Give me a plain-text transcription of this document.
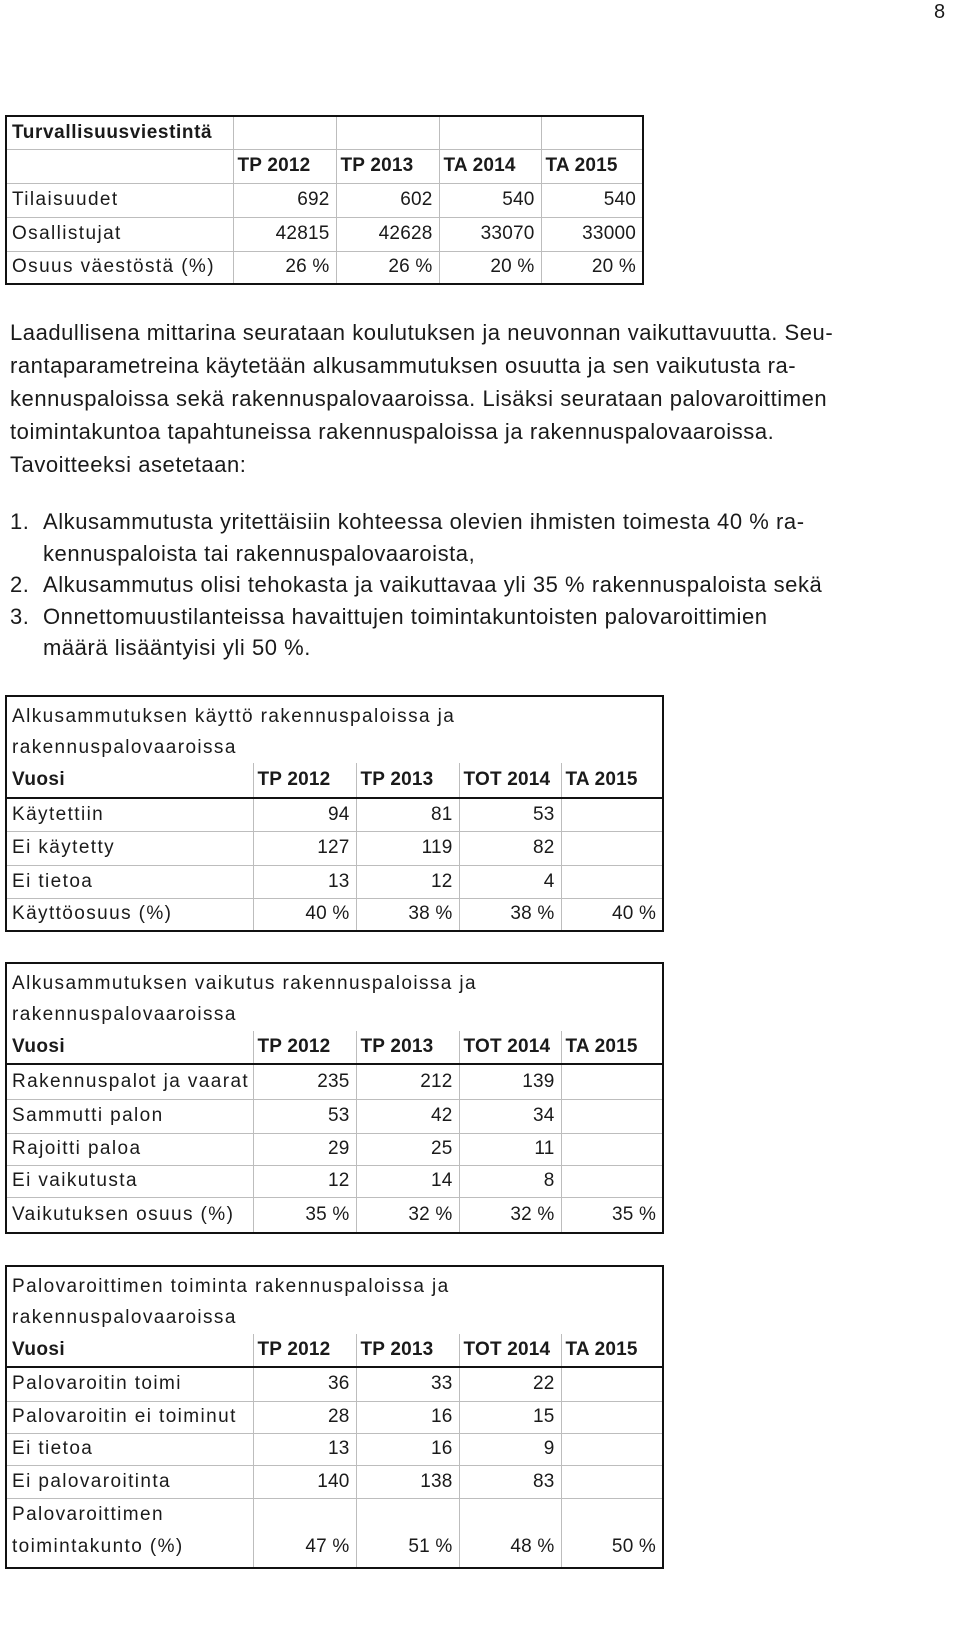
8
Turvallisuusviestintä				
	TP 2012	TP 2013	TA 2014	TA 2015
Tilaisuudet	692	602	540	540
Osallistujat	42815	42628	33070	33000
Osuus väestöstä (%)	26 %	26 %	20 %	20 %
Laadullisena mittarina seurataan koulutuksen ja neuvonnan vaikuttavuutta. Seu-
rantaparametreina käytetään alkusammutuksen osuutta ja sen vaikutusta ra-
kennuspaloissa sekä rakennuspalovaaroissa. Lisäksi seurataan palovaroittimen
toimintakuntoa tapahtuneissa rakennuspaloissa ja rakennuspalovaaroissa.
Tavoitteeksi asetetaan:
1. Alkusammutusta yritettäisiin kohteessa olevien ihmisten toimesta 40 % ra-
kennuspaloista tai rakennuspalovaaroista,
2. Alkusammutus olisi tehokasta ja vaikuttavaa yli 35 % rakennuspaloista sekä
3. Onnettomuustilanteissa havaittujen toimintakuntoisten palovaroittimien
määrä lisääntyisi yli 50 %.
Alkusammutuksen käyttö rakennuspaloissa ja
rakennuspalovaaroissa				

Vuosi	TP 2012	TP 2013	TOT 2014	TA 2015
Käytettiin	94	81	53	
Ei käytetty	127	119	82	
Ei tietoa	13	12	4	
Käyttöosuus (%)	40 %	38 %	38 %	40 %
Alkusammutuksen vaikutus rakennuspaloissa ja
rakennuspalovaaroissa				

Vuosi	TP 2012	TP 2013	TOT 2014	TA 2015
Rakennuspalot ja vaarat	235	212	139	
Sammutti palon	53	42	34	
Rajoitti paloa	29	25	11	
Ei vaikutusta	12	14	8	
Vaikutuksen osuus (%)	35 %	32 %	32 %	35 %
Palovaroittimen toiminta rakennuspaloissa ja
rakennuspalovaaroissa				

Vuosi	TP 2012	TP 2013	TOT 2014	TA 2015
Palovaroitin toimi	36	33	22	
Palovaroitin ei toiminut	28	16	15	
Ei tietoa	13	16	9	
Ei palovaroitinta	140	138	83	

Palovaroittimen
toimintakunto (%)	47 %	51 %	48 %	50 %
